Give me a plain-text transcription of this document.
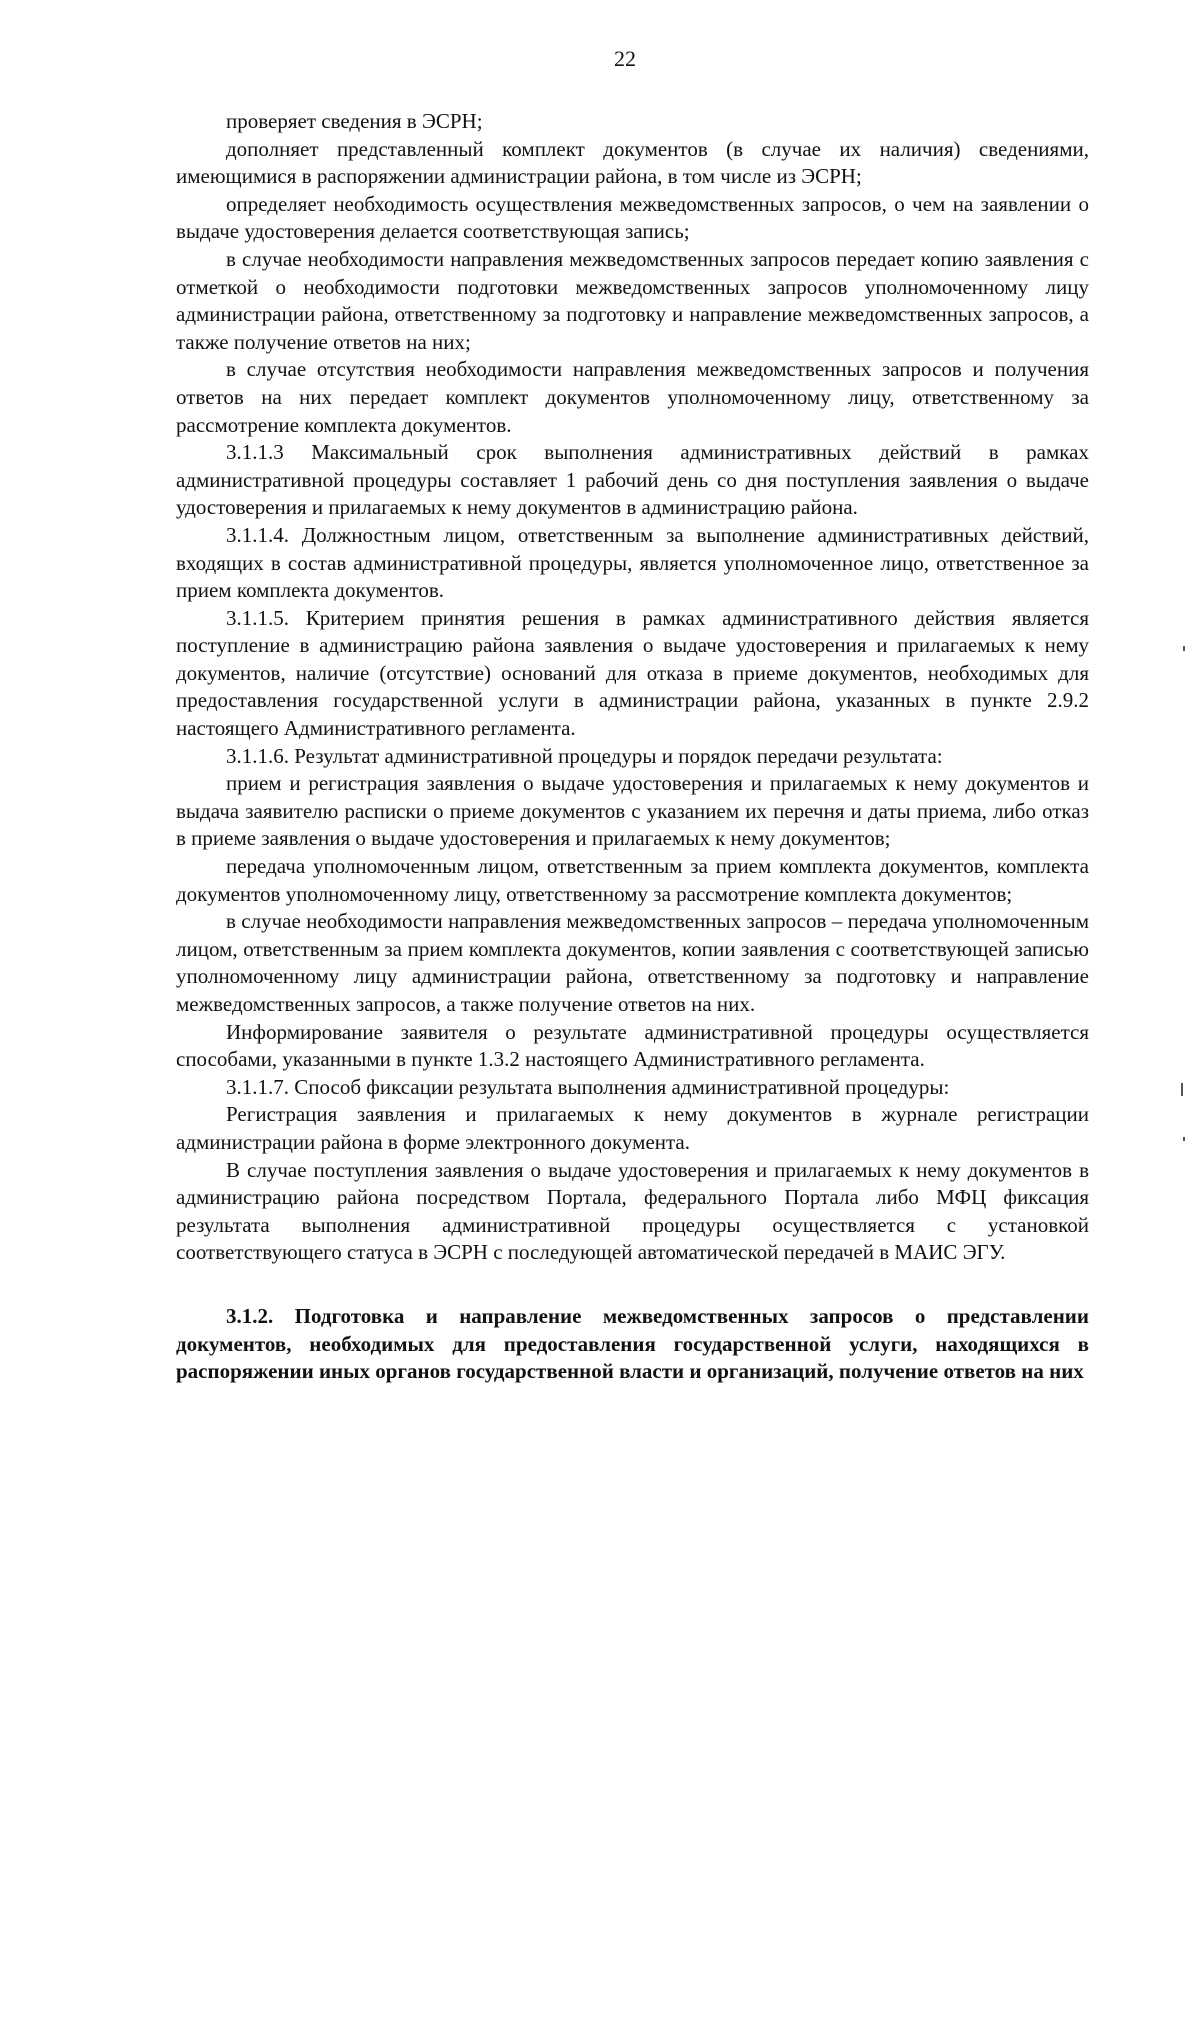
22

проверяет сведения в ЭСРН;

дополняет представленный комплект документов (в случае их наличия) сведениями, имеющимися в распоряжении администрации района, в том числе из ЭСРН;

определяет необходимость осуществления межведомственных запросов, о чем на заявлении о выдаче удостоверения делается соответствующая запись;

в случае необходимости направления межведомственных запросов передает копию заявления с отметкой о необходимости подготовки межведомственных запросов уполномоченному лицу администрации района, ответственному за подготовку и направление межведомственных запросов, а также получение ответов на них;

в случае отсутствия необходимости направления межведомственных запросов и получения ответов на них передает комплект документов уполномоченному лицу, ответственному за рассмотрение комплекта документов.

3.1.1.3 Максимальный срок выполнения административных действий в рамках административной процедуры составляет 1 рабочий день со дня поступления заявления о выдаче удостоверения и прилагаемых к нему документов в администрацию района.

3.1.1.4. Должностным лицом, ответственным за выполнение административных действий, входящих в состав административной процедуры, является уполномоченное лицо, ответственное за прием комплекта документов.

3.1.1.5. Критерием принятия решения в рамках административного действия является поступление в администрацию района заявления о выдаче удостоверения и прилагаемых к нему документов, наличие (отсутствие) оснований для отказа в приеме документов, необходимых для предоставления государственной услуги в администрации района, указанных в пункте 2.9.2 настоящего Административного регламента.

3.1.1.6. Результат административной процедуры и порядок передачи результата:

прием и регистрация заявления о выдаче удостоверения и прилагаемых к нему документов и выдача заявителю расписки о приеме документов с указанием их перечня и даты приема, либо отказ в приеме заявления о выдаче удостоверения и прилагаемых к нему документов;

передача уполномоченным лицом, ответственным за прием комплекта документов, комплекта документов уполномоченному лицу, ответственному за рассмотрение комплекта документов;

в случае необходимости направления межведомственных запросов – передача уполномоченным лицом, ответственным за прием комплекта документов, копии заявления с соответствующей записью уполномоченному лицу администрации района, ответственному за подготовку и направление межведомственных запросов, а также получение ответов на них.

Информирование заявителя о результате административной процедуры осуществляется способами, указанными в пункте 1.3.2 настоящего Административного регламента.

3.1.1.7. Способ фиксации результата выполнения административной процедуры:

Регистрация заявления и прилагаемых к нему документов в журнале регистрации администрации района в форме электронного документа.

В случае поступления заявления о выдаче удостоверения и прилагаемых к нему документов в администрацию района посредством Портала, федерального Портала либо МФЦ фиксация результата выполнения административной процедуры осуществляется с установкой соответствующего статуса в ЭСРН с последующей автоматической передачей в МАИС ЭГУ.

3.1.2. Подготовка и направление межведомственных запросов о представлении документов, необходимых для предоставления государственной услуги, находящихся в распоряжении иных органов государственной власти и организаций, получение ответов на них
